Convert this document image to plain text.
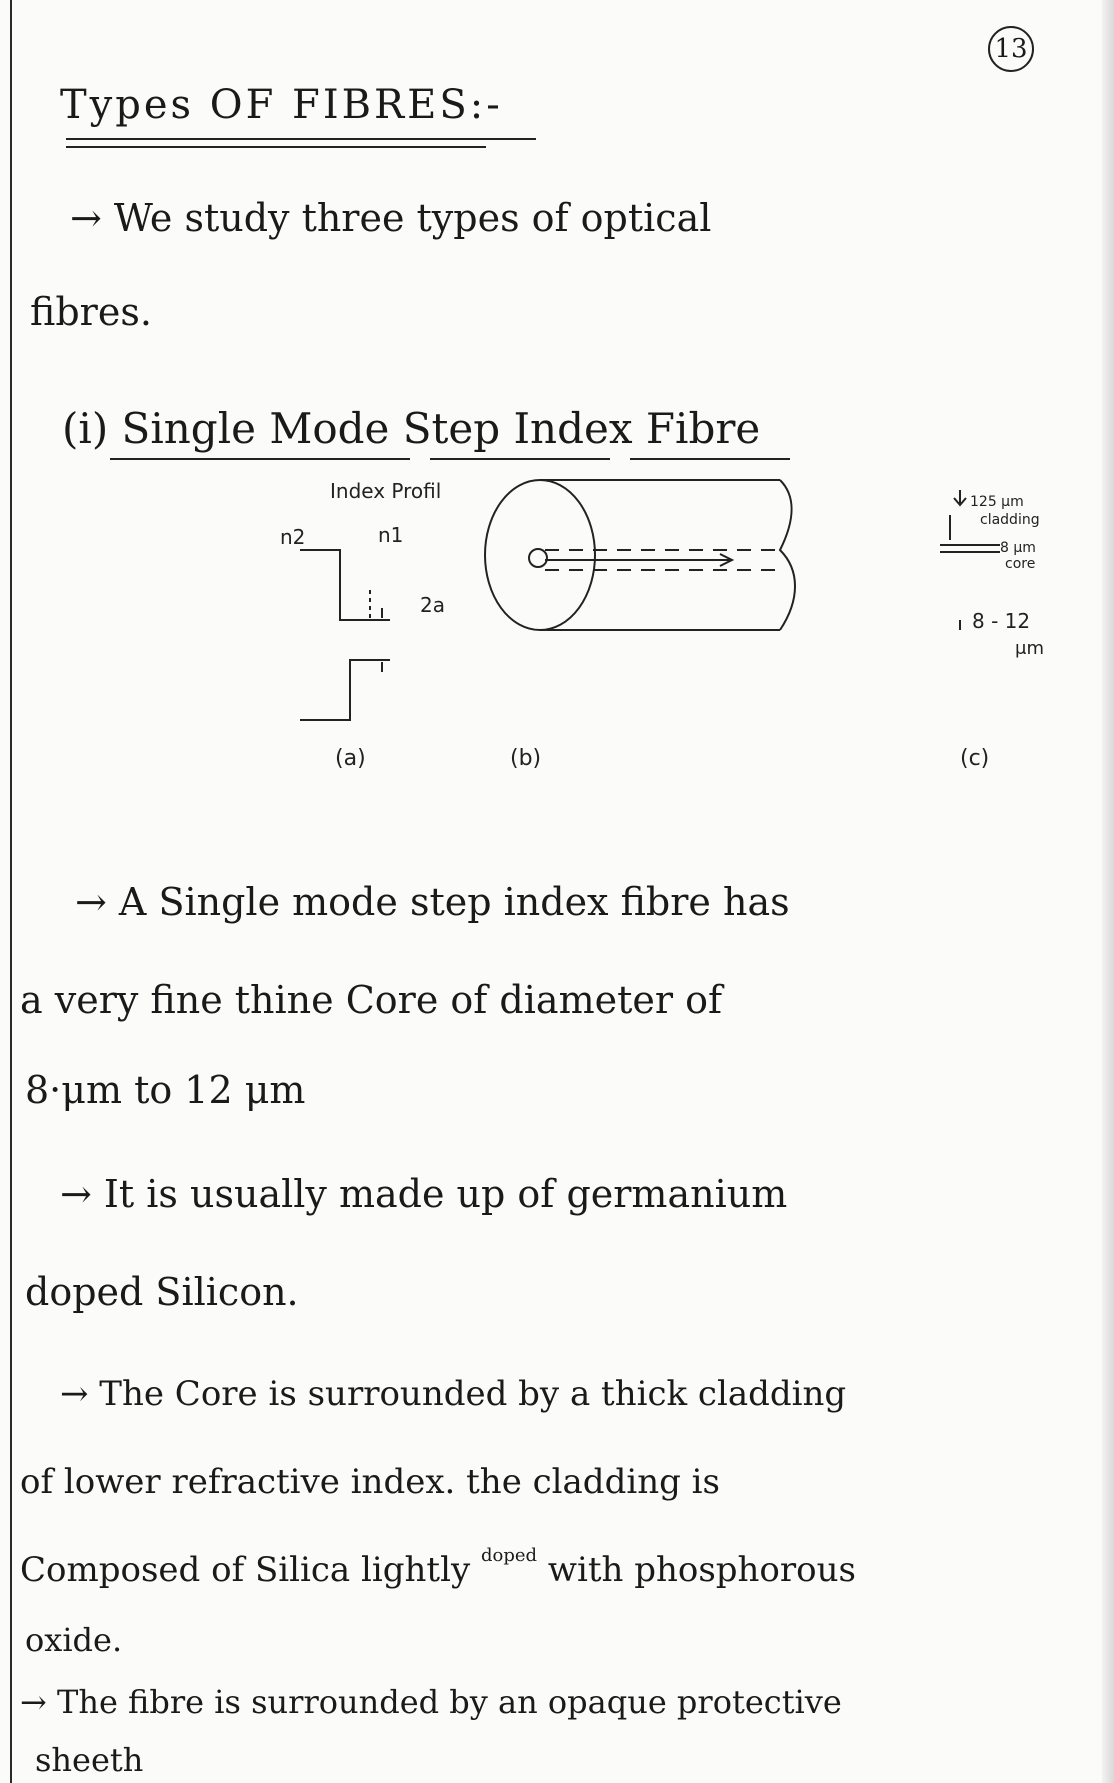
13
Types OF FIBRES:-
→ We study three types of optical
fibres.
(i) Single Mode Step Index Fibre
Index Profil
n2	n1
2a
(a)	(b)
125 μm
cladding
8 μm
core
8 - 12
μm
(c)
→ A Single mode step index fibre has
a very fine thine Core of diameter of
8·μm to 12 μm
→ It is usually made up of germanium
doped Silicon.
→ The Core is surrounded by a thick cladding
of lower refractive index. the cladding is
Composed of Silica lightly $^{doped}$ with phosphorous
oxide.
→ The fibre is surrounded by an opaque protective
sheeth
